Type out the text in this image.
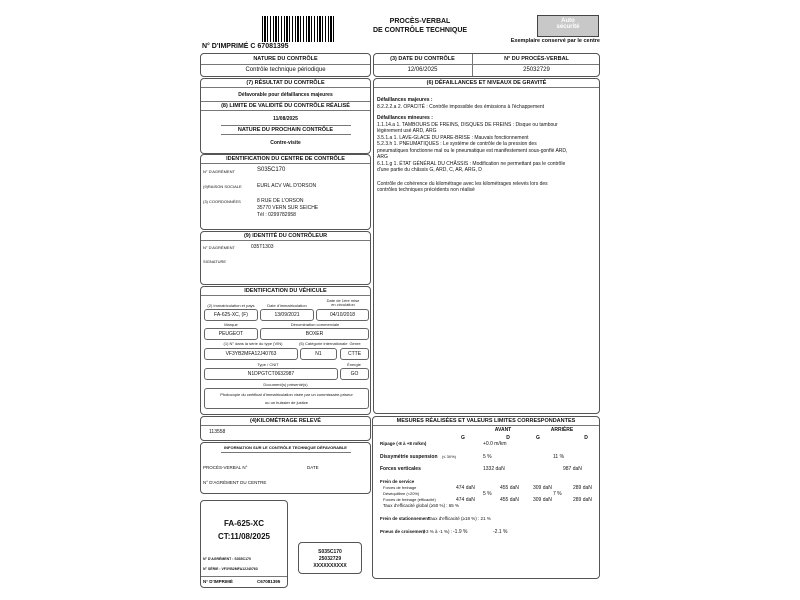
N° D'IMPRIMÉ C 67081395
PROCÈS-VERBAL
DE CONTRÔLE TECHNIQUE
Auto
sécurité
Exemplaire conservé par le centre
NATURE DU CONTRÔLE
Contrôle technique périodique
(3) DATE DU CONTRÔLE	N° DU PROCÈS-VERBAL
12/06/2025	25032729
(7) RÉSULTAT DU CONTRÔLE
Défavorable pour défaillances majeures
(8) LIMITE DE VALIDITÉ DU CONTRÔLE RÉALISÉ
11/08/2025
NATURE DU PROCHAIN CONTRÔLE
Contre-visite
IDENTIFICATION DU CENTRE DE CONTRÔLE
N° D'AGRÉMENT	S035C170
(9)RAISON SOCIALE	EURL ACV VAL D'ORSON
(3) COORDONNÉES	8 RUE DE L'ORSON
35770 VERN SUR SEICHE
Tél : 0299782958
(9) IDENTITÉ DU CONTRÔLEUR
N° D'AGRÉMENT	035T1303
SIGNATURE
IDENTIFICATION DU VÉHICULE
(2) Immatriculation et pays	Date d'immatriculation
Date de 1ère mise
en circulation
FA-625-XC, (F)	13/09/2021	04/10/2018
Marque	Dénomination commerciale
PEUGEOT	BOXER
(1) N° dans la série du type (VIN)	(5) Catégorie internationale Genre
VF3YB2MFA12J40763	N1	CTTE
Type / CNIT	Énergie
N1DPGTCT0632987	GO
Document(s) présenté(s)
Photocopie du certificat d'immatriculation visée par un commissaire-priseur
ou un huissier de justice
(4)KILOMÉTRAGE RELEVÉ
113558
INFORMATION SUR LE CONTRÔLE TECHNIQUE DÉFAVORABLE
PROCÈS-VERBAL N°	DATE
N° D'AGRÉMENT DU CENTRE
FA-625-XC
CT:11/08/2025
N° D'AGRÉMENT : S035C170
N° SÉRIE : VF3YB2MFA12J40763
N° D'IMPRIMÉ	C67081395
S035C170
25032729
XXXXXXXXXX
(6) DÉFAILLANCES ET NIVEAUX DE GRAVITÉ
Défaillances majeures :
8.2.2.2.a 2. OPACITÉ : Contrôle impossible des émissions à l'échappement
Défaillances mineures :
1.1.14.a 1. TAMBOURS DE FREINS, DISQUES DE FREINS : Disque ou tambour
légèrement usé ARD, ARG
3.5.1.a 1. LAVE-GLACE DU PARE-BRISE : Mauvais fonctionnement
5.2.3.h 1. PNEUMATIQUES : Le système de contrôle de la pression des
pneumatiques fonctionne mal ou le pneumatique est manifestement sous-gonflé ARD,
ARG
6.1.1.g 1. ÉTAT GÉNÉRAL DU CHÂSSIS : Modification ne permettant pas le contrôle
d'une partie du châssis G, ARD, C, AR, ARG, D
Contrôle de cohérence du kilométrage avec les kilométrages relevés lors des
contrôles techniques précédents non réalisé
MESURES RÉALISÉES ET VALEURS LIMITES CORRESPONDANTES
AVANT	ARRIÈRE
G	D	G	D
Ripage (-8 à +8 m/km)	+0.0 m/km
Dissymétrie suspension (≤ 30%)	5 %	11 %
Forces verticales	1332 daN	987 daN
Frein de service
Forces de freinage	474 daN	455 daN	309 daN	289 daN
Déséquilibre (<20%)	5 %	7 %
Forces de freinage (efficacité)	474 daN	455 daN	309 daN	289 daN
Taux d'efficacité global (≥50 %) : 65 %
Frein de stationnement
Taux d'efficacité (≥18 %) : 21 %
Pneus de croisement
(-3 % à -1 %) : -1.9 %	-2.1 %
